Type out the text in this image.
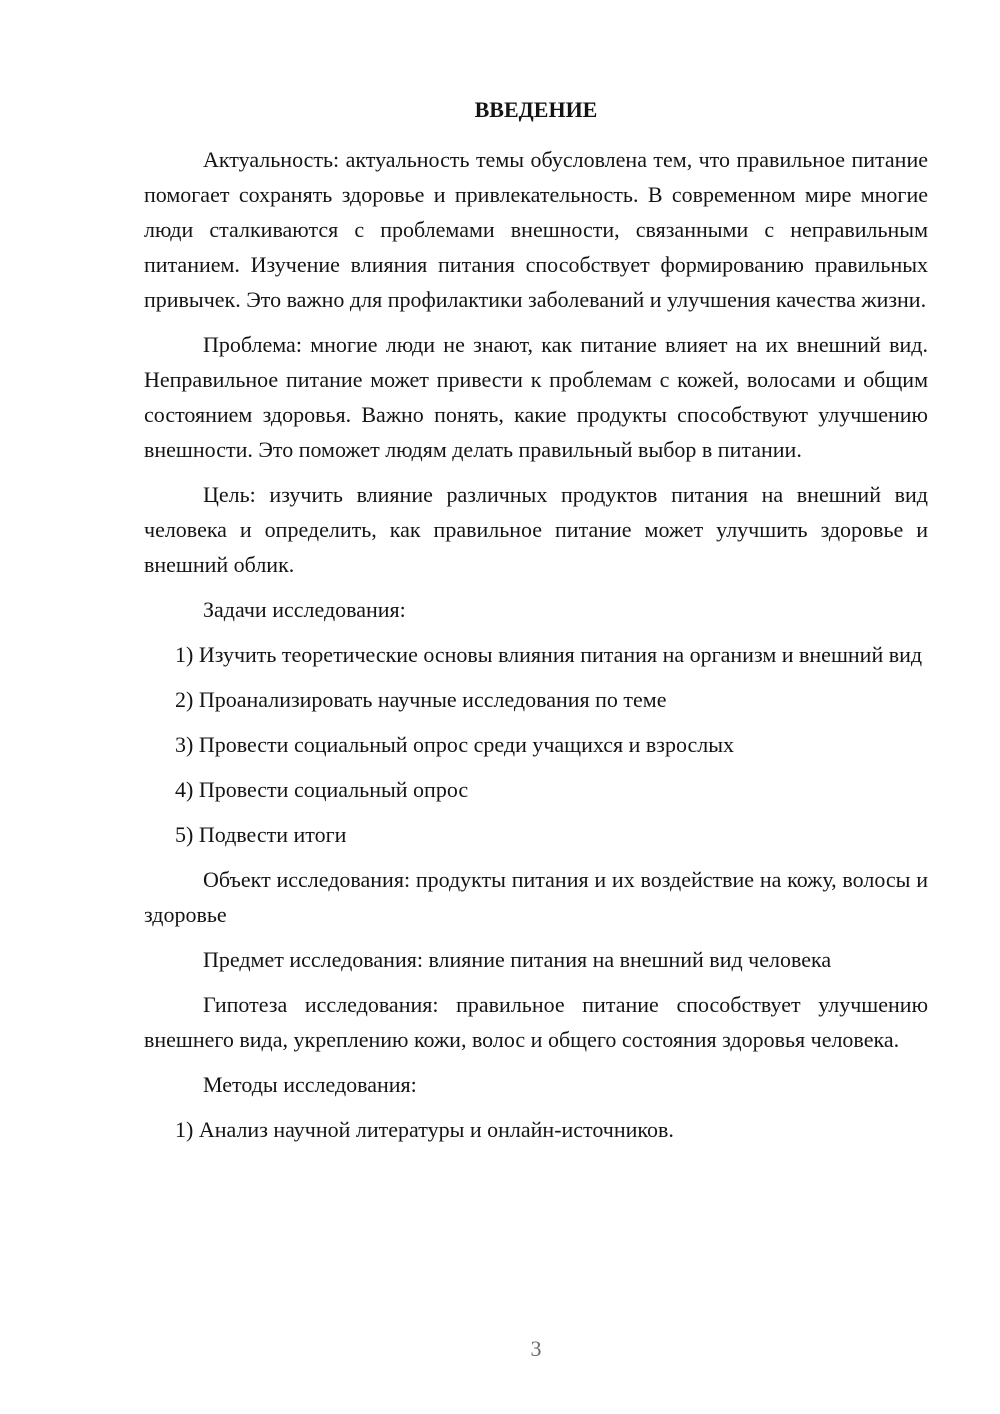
ВВЕДЕНИЕ

Актуальность: актуальность темы обусловлена тем, что правильное питание помогает сохранять здоровье и привлекательность. В современном мире многие люди сталкиваются с проблемами внешности, связанными с неправильным питанием. Изучение влияния питания способствует формированию правильных привычек. Это важно для профилактики заболеваний и улучшения качества жизни.

Проблема: многие люди не знают, как питание влияет на их внешний вид. Неправильное питание может привести к проблемам с кожей, волосами и общим состоянием здоровья. Важно понять, какие продукты способствуют улучшению внешности. Это поможет людям делать правильный выбор в питании.

Цель: изучить влияние различных продуктов питания на внешний вид человека и определить, как правильное питание может улучшить здоровье и внешний облик.

Задачи исследования:

1) Изучить теоретические основы влияния питания на организм и внешний вид

2) Проанализировать научные исследования по теме

3) Провести социальный опрос среди учащихся и взрослых

4) Провести социальный опрос

5) Подвести итоги

Объект исследования: продукты питания и их воздействие на кожу, волосы и здоровье

Предмет исследования: влияние питания на внешний вид человека

Гипотеза исследования: правильное питание способствует улучшению внешнего вида, укреплению кожи, волос и общего состояния здоровья человека.

Методы исследования:

1) Анализ научной литературы и онлайн-источников.

3
